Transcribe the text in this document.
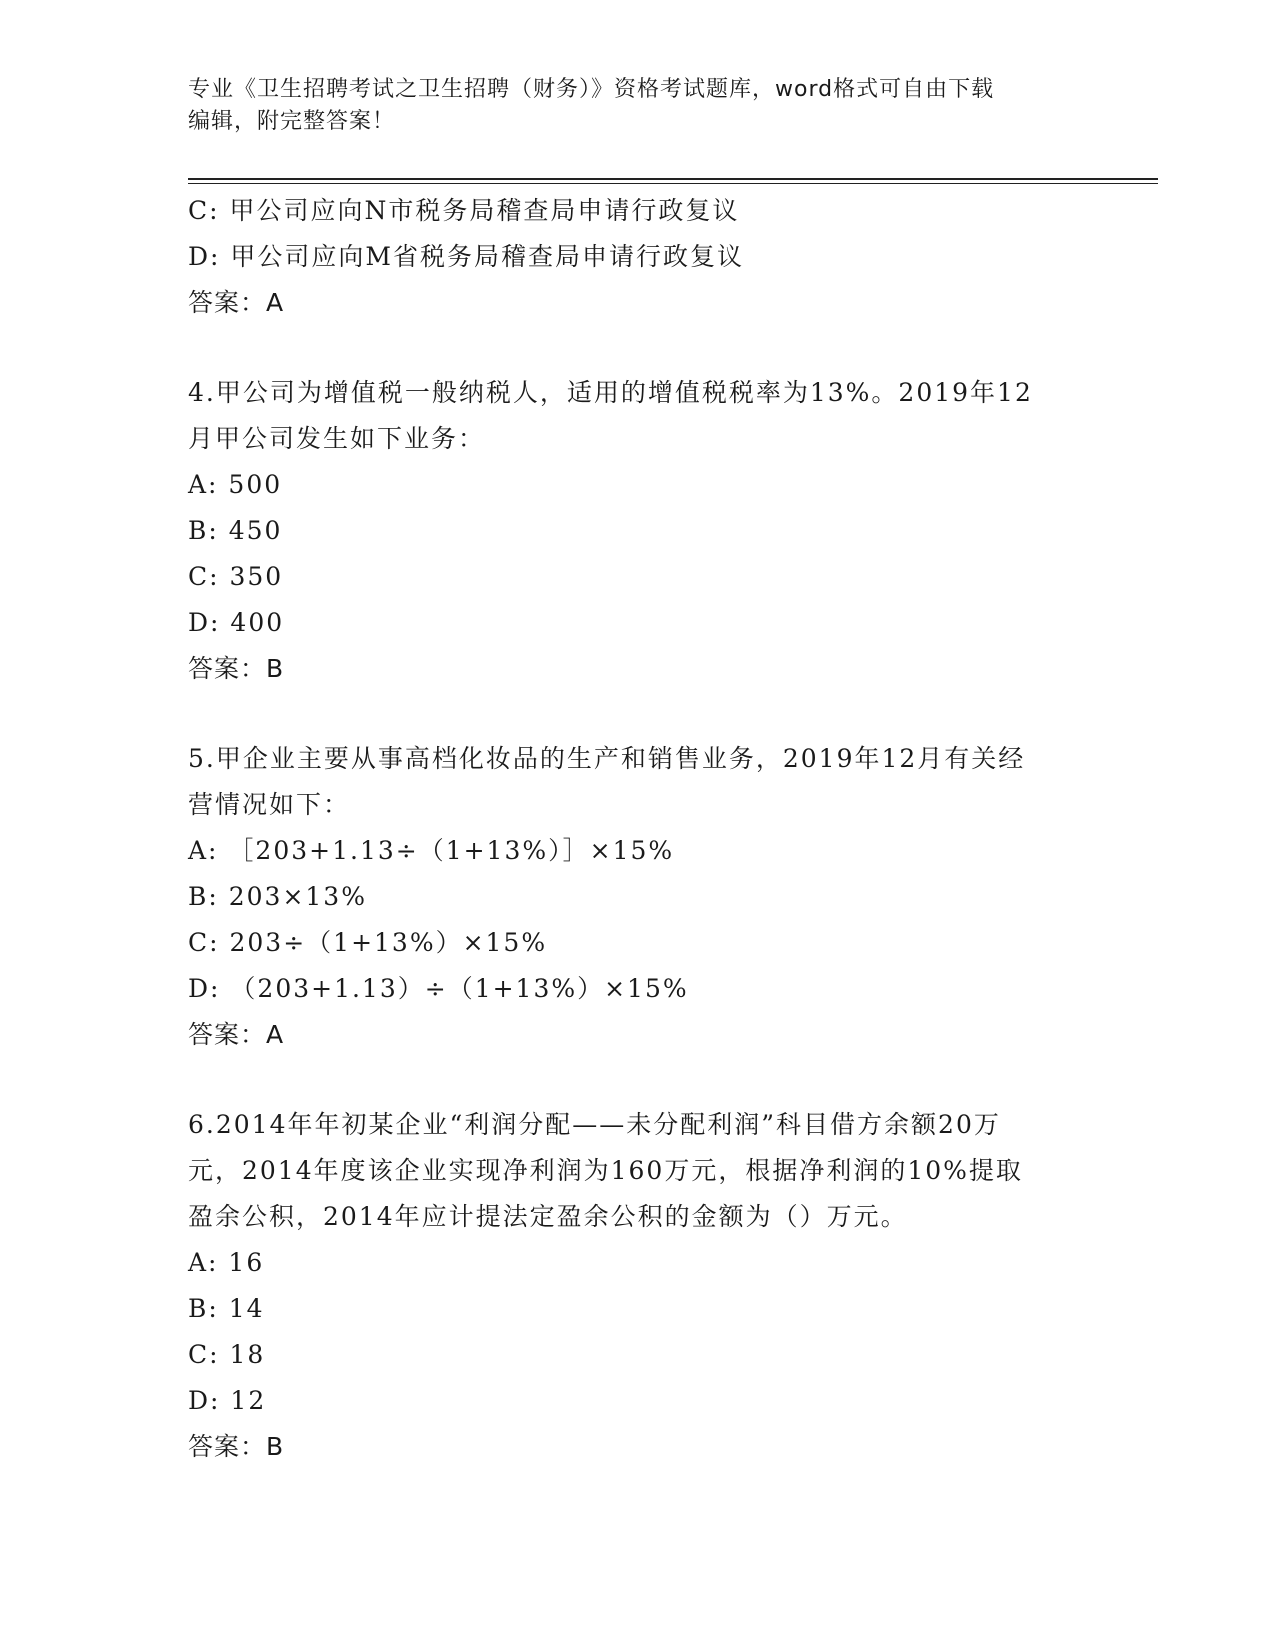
专业《卫生招聘考试之卫生招聘（财务）》资格考试题库，word格式可自由下载
编辑，附完整答案！
C: 甲公司应向N市税务局稽查局申请行政复议
D: 甲公司应向M省税务局稽查局申请行政复议
答案：A
4.甲公司为增值税一般纳税人，适用的增值税税率为13%。2019年12
月甲公司发生如下业务：
A: 500
B: 450
C: 350
D: 400
答案：B
5.甲企业主要从事高档化妆品的生产和销售业务，2019年12月有关经
营情况如下：
A: ［203+1.13÷（1+13%）］×15%
B: 203×13%
C: 203÷（1+13%）×15%
D: （203+1.13）÷（1+13%）×15%
答案：A
6.2014年年初某企业“利润分配——未分配利润”科目借方余额20万
元，2014年度该企业实现净利润为160万元，根据净利润的10%提取
盈余公积，2014年应计提法定盈余公积的金额为（）万元。
A: 16
B: 14
C: 18
D: 12
答案：B
